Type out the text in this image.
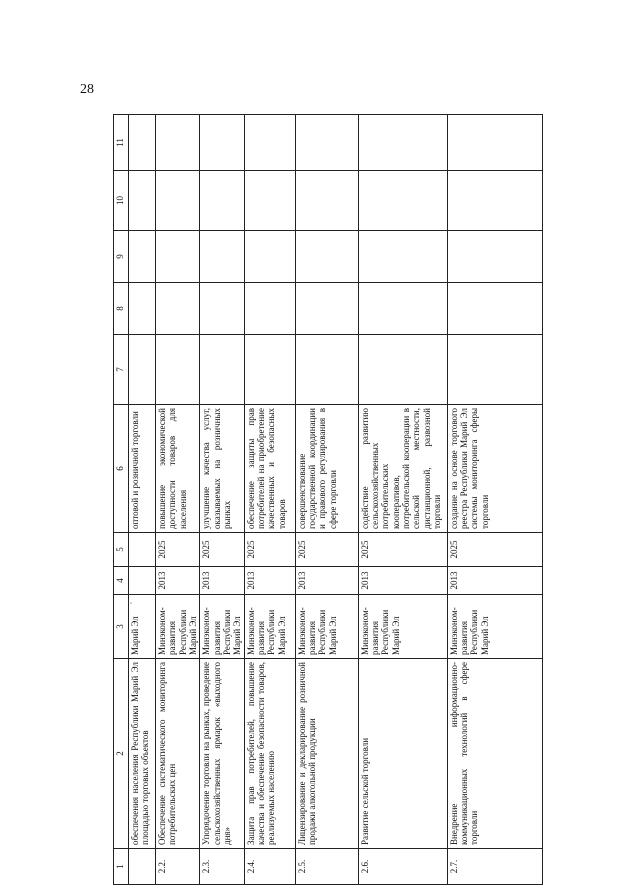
28
1	2	3	4	5	6	7	8	9	10	11
	обеспечения населения Республики Марий Эл площадью торговых объектов	Марий Эл			оптовой и розничной торговли					
2.2.	Обеспечение систематического мониторинга потребительских цен	Минэконом-развития Республики Марий Эл	2013	2025	повышение экономической доступности товаров для населения					
2.3.	Упорядочение торговли на рынках, проведение сельскохозяйственных ярмарок «выходного дня»	Минэконом-развития Республики Марий Эл	2013	2025	улучшение качества услуг, оказываемых на розничных рынках					
2.4.	Защита прав потребителей, повышение качества и обеспечение безопасности товаров, реализуемых населению	Минэконом-развития Республики Марий Эл	2013	2025	обеспечение защиты прав потребителей на приобретение качественных и безопасных товаров					
2.5.	Лицензирование и декларирование розничной продажи алкогольной продукции	Минэконом-развития Республики Марий Эл	2013	2025	совершенствование государственной координации и правового регулирования в сфере торговли					
2.6.	Развитие сельской торговли	Минэконом-развития Республики Марий Эл	2013	2025	содействие развитию сельскохозяйственных потребительских кооперативов, потребительской кооперации в сельской местности, дистанционной, развозной торговли					
2.7.	Внедрение информационно-коммуникационных технологий в сфере торговли	Минэконом-развития Республики Марий Эл	2013	2025	создание на основе торгового реестра Республики Марий Эл системы мониторинга сферы торговли					
